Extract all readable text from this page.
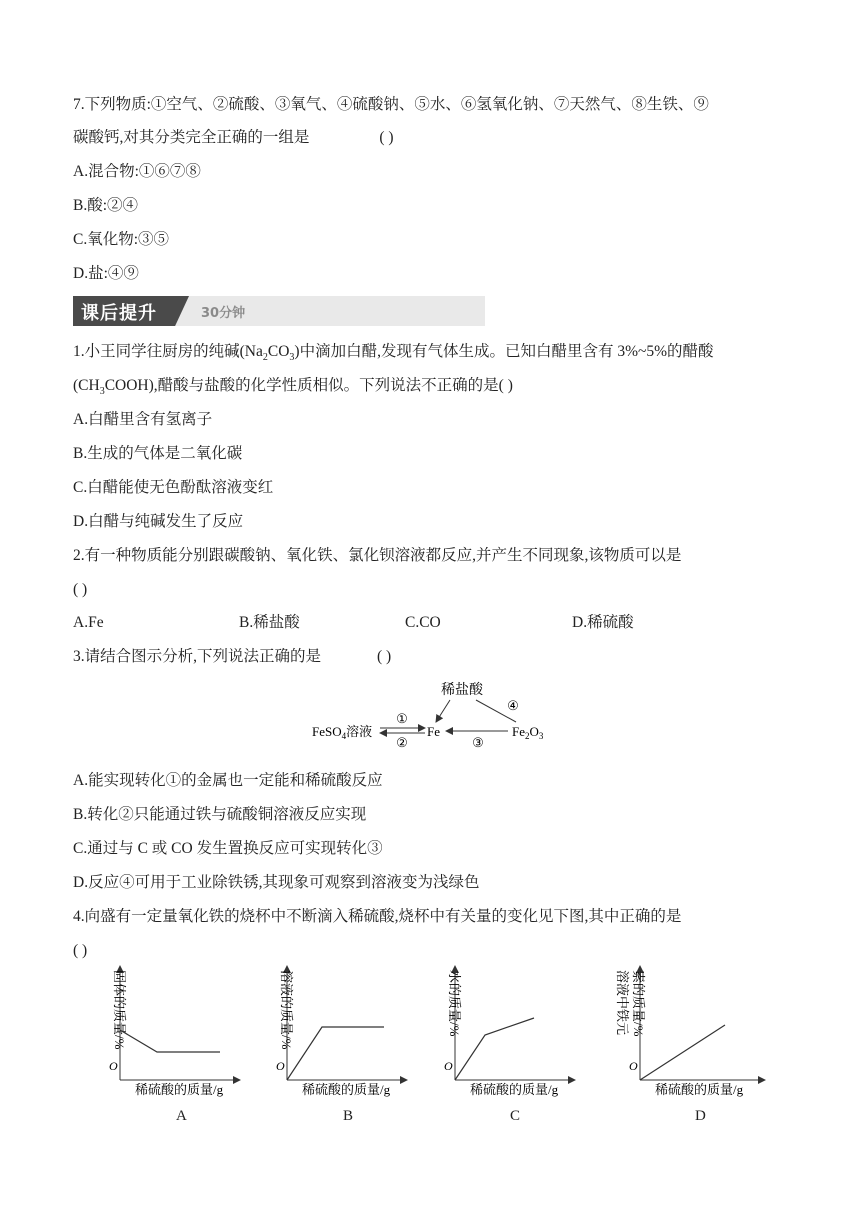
7.下列物质:①空气、②硫酸、③氧气、④硫酸钠、⑤水、⑥氢氧化钠、⑦天然气、⑧生铁、⑨
碳酸钙,对其分类完全正确的一组是	( )
A.混合物:①⑥⑦⑧
B.酸:②④
C.氧化物:③⑤
D.盐:④⑨
课后提升	30分钟
1.小王同学往厨房的纯碱$(Na_2CO_3)$中滴加白醋,发现有气体生成。已知白醋里含有 3%~5%的醋酸
$(CH_3COOH)$,醋酸与盐酸的化学性质相似。下列说法不正确的是( )
A.白醋里含有氢离子
B.生成的气体是二氧化碳
C.白醋能使无色酚酞溶液变红
D.白醋与纯碱发生了反应
2.有一种物质能分别跟碳酸钠、氧化铁、氯化钡溶液都反应,并产生不同现象,该物质可以是
( )
A.Fe	B.稀盐酸	C.CO	D.稀硫酸
3.请结合图示分析,下列说法正确的是	( )
稀盐酸
FeSO$_4$溶液	Fe	$Fe_2O_3$
①
②	③
④
A.能实现转化①的金属也一定能和稀硫酸反应
B.转化②只能通过铁与硫酸铜溶液反应实现
C.通过与 C 或 CO 发生置换反应可实现转化③
D.反应④可用于工业除铁锈,其现象可观察到溶液变为浅绿色
4.向盛有一定量氧化铁的烧杯中不断滴入稀硫酸,烧杯中有关量的变化见下图,其中正确的是
( )
O
固体的质量/%
稀硫酸的质量/g
A
O
溶液的质量/%
稀硫酸的质量/g
B
O
水的质量/%
稀硫酸的质量/g
C
O
溶液中铁元 素的质量/%
稀硫酸的质量/g
D
